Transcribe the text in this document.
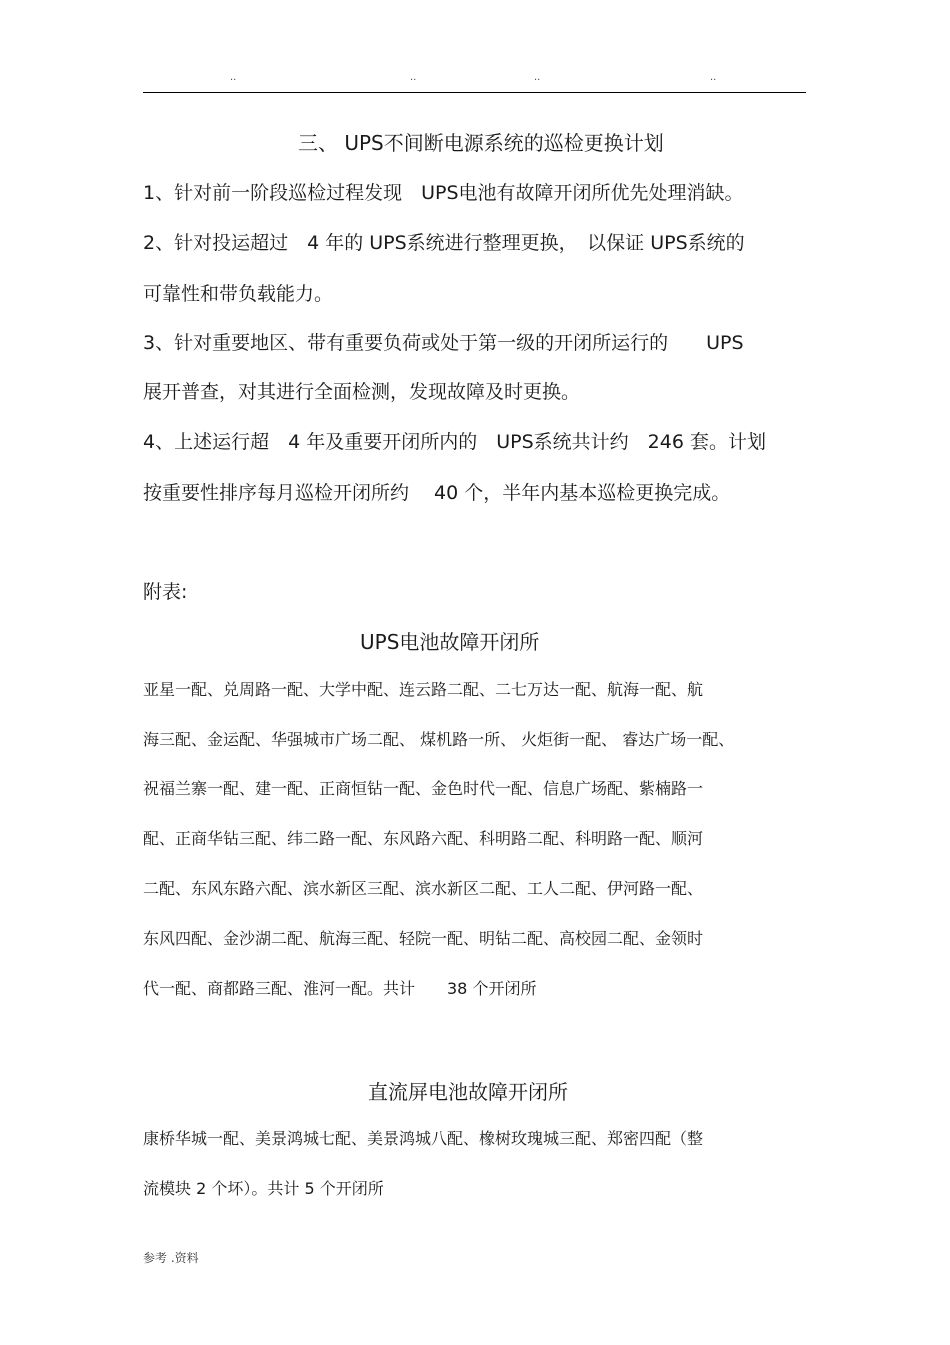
..	..	..	..
三、 UPS不间断电源系统的巡检更换计划
1、针对前一阶段巡检过程发现　UPS电池有故障开闭所优先处理消缺。
2、针对投运超过　4 年的 UPS系统进行整理更换，　以保证 UPS系统的
可靠性和带负载能力。
3、针对重要地区、带有重要负荷或处于第一级的开闭所运行的　　UPS
展开普查，对其进行全面检测，发现故障及时更换。
4、上述运行超　4 年及重要开闭所内的　UPS系统共计约　246 套。计划
按重要性排序每月巡检开闭所约　 40 个，半年内基本巡检更换完成。
附表:
UPS电池故障开闭所
亚星一配、兑周路一配、大学中配、连云路二配、二七万达一配、航海一配、航
海三配、金运配、华强城市广场二配、 煤机路一所、 火炬街一配、 睿达广场一配、
祝福兰寨一配、建一配、正商恒钻一配、金色时代一配、信息广场配、紫楠路一
配、正商华钻三配、纬二路一配、东风路六配、科明路二配、科明路一配、顺河
二配、东风东路六配、滨水新区三配、滨水新区二配、工人二配、伊河路一配、
东风四配、金沙湖二配、航海三配、轻院一配、明钻二配、高校园二配、金领时
代一配、商都路三配、淮河一配。共计　　38 个开闭所
直流屏电池故障开闭所
康桥华城一配、美景鸿城七配、美景鸿城八配、橡树玫瑰城三配、郑密四配（整
流模块 2 个坏）。共计 5 个开闭所
参考 .资料
